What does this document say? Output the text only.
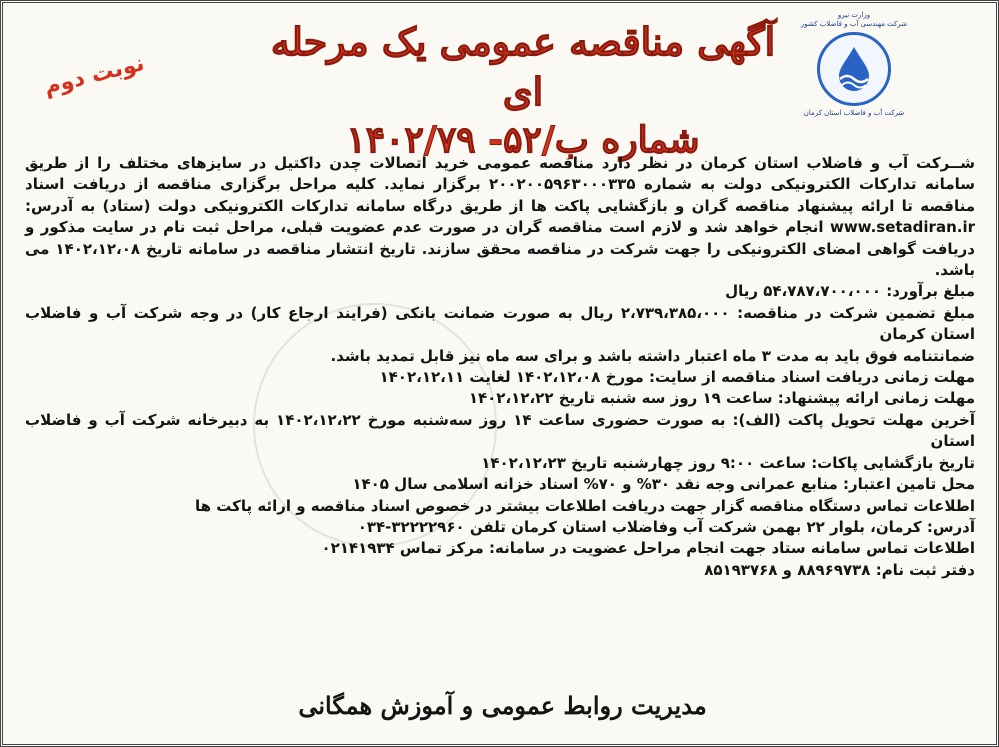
وزارت نیرو
شرکت مهندسی آب و فاضلاب کشور
شرکت آب و فاضلاب استان کرمان

آگهی مناقصه عمومی یک مرحله ای

شماره ب/۵۲- ۱۴۰۲/۷۹

نوبت دوم

شــرکت آب و فاضلاب استان کرمان در نظر دارد مناقصه عمومی خرید اتصالات چدن داکتیل در سایزهای مختلف را از طریق سامانه تدارکات الکترونیکی دولت به شماره ۲۰۰۲۰۰۵۹۶۳۰۰۰۳۳۵ برگزار نماید. کلیه مراحل برگزاری مناقصه از دریافت اسناد مناقصه تا ارائه پیشنهاد مناقصه گران و بازگشایی پاکت ها از طریق درگاه سامانه تدارکات الکترونیکی دولت (ستاد) به آدرس: www.setadiran.ir انجام خواهد شد و لازم است مناقصه گران در صورت عدم عضویت قبلی، مراحل ثبت نام در سایت مذکور و دریافت گواهی امضای الکترونیکی را جهت شرکت در مناقصه محقق سازند. تاریخ انتشار مناقصه در سامانه تاریخ ۱۴۰۲،۱۲،۰۸ می باشد.

مبلغ برآورد: ۵۴،۷۸۷،۷۰۰،۰۰۰ ریال

مبلغ تضمین شرکت در مناقصه: ۲،۷۳۹،۳۸۵،۰۰۰ ریال به صورت ضمانت بانکی (فرایند ارجاع کار) در وجه شرکت آب و فاضلاب استان کرمان

ضمانتنامه فوق باید به مدت ۳ ماه اعتبار داشته باشد و برای سه ماه نیز قابل تمدید باشد.

مهلت زمانی دریافت اسناد مناقصه از سایت: مورخ ۱۴۰۲،۱۲،۰۸ لغایت ۱۴۰۲،۱۲،۱۱

مهلت زمانی ارائه پیشنهاد: ساعت ۱۹ روز سه شنبه تاریخ ۱۴۰۲،۱۲،۲۲

آخرین مهلت تحویل پاکت (الف): به صورت حضوری ساعت ۱۴ روز سه‌شنبه مورخ ۱۴۰۲،۱۲،۲۲ به دبیرخانه شرکت آب و فاضلاب استان

تاریخ بازگشایی پاکات: ساعت ۹:۰۰ روز چهارشنبه تاریخ ۱۴۰۲،۱۲،۲۳

محل تامین اعتبار: منابع عمرانی وجه نقد ۳۰% و ۷۰% اسناد خزانه اسلامی سال ۱۴۰۵

اطلاعات تماس دستگاه مناقصه گزار جهت دریافت اطلاعات بیشتر در خصوص اسناد مناقصه و ارائه پاکت ها

آدرس: کرمان، بلوار ۲۲ بهمن شرکت آب وفاضلاب استان کرمان تلفن ۳۲۲۲۲۹۶۰-۰۳۴

اطلاعات تماس سامانه ستاد جهت انجام مراحل عضویت در سامانه: مرکز تماس ۰۲۱۴۱۹۳۴

دفتر ثبت نام: ۸۸۹۶۹۷۳۸ و ۸۵۱۹۳۷۶۸

مدیریت روابط عمومی و آموزش همگانی
